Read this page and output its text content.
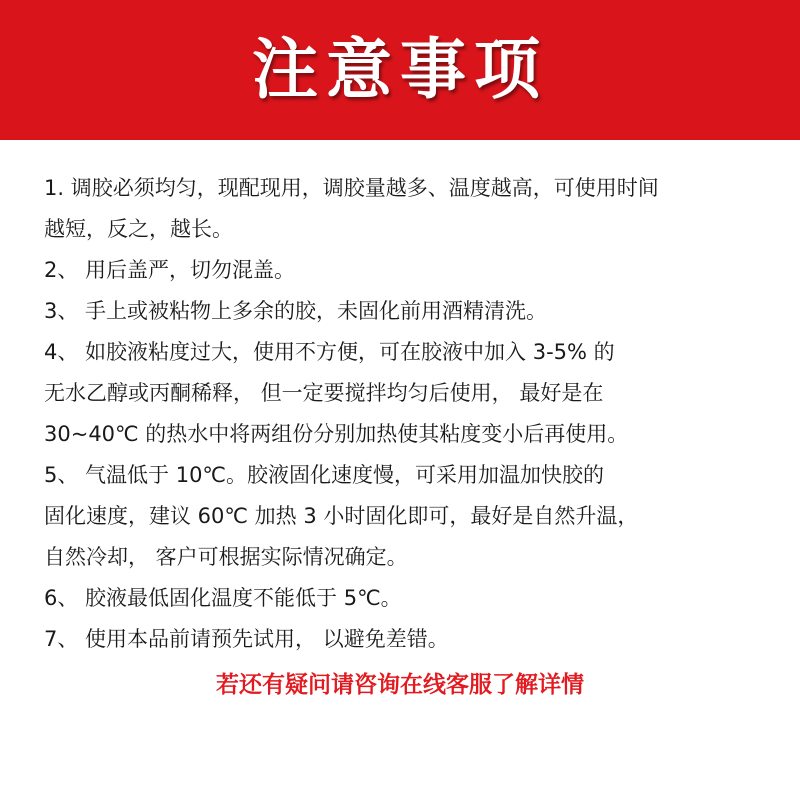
注意事项

1. 调胶必须均匀，现配现用，调胶量越多、温度越高，可使用时间

越短，反之，越长。

2、 用后盖严，切勿混盖。

3、 手上或被粘物上多余的胶，未固化前用酒精清洗。

4、 如胶液粘度过大，使用不方便，可在胶液中加入 3-5% 的

无水乙醇或丙酮稀释， 但一定要搅拌均匀后使用， 最好是在

30~40℃ 的热水中将两组份分别加热使其粘度变小后再使用。

5、 气温低于 10℃。胶液固化速度慢，可采用加温加快胶的

固化速度，建议 60℃ 加热 3 小时固化即可，最好是自然升温，

自然冷却， 客户可根据实际情况确定。

6、 胶液最低固化温度不能低于 5℃。

7、 使用本品前请预先试用， 以避免差错。

若还有疑问请咨询在线客服了解详情
